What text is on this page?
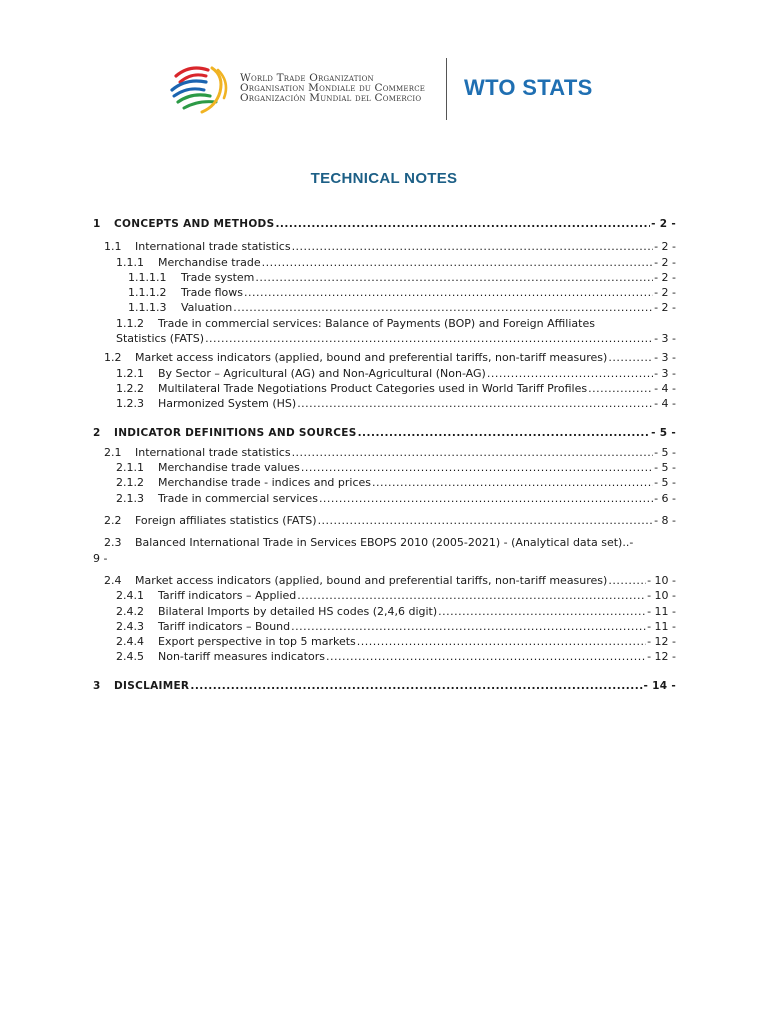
World Trade Organization
Organisation Mondiale du Commerce
Organización Mundial del Comercio WTO STATS
TECHNICAL NOTES
1	CONCEPTS AND METHODS .....	- 2 -
1.1	International trade statistics .....	- 2 -
1.1.1	Merchandise trade .....	- 2 -
1.1.1.1	Trade system .....	- 2 -
1.1.1.2	Trade flows .....	- 2 -
1.1.1.3	Valuation .....	- 2 -
1.1.2 Trade in commercial services: Balance of Payments (BOP) and Foreign Affiliates
Statistics (FATS) .....	- 3 -
1.2	Market access indicators (applied, bound and preferential tariffs, non-tariff measures) .....	- 3 -
1.2.1	By Sector – Agricultural (AG) and Non-Agricultural (Non-AG) .....	- 3 -
1.2.2	Multilateral Trade Negotiations Product Categories used in World Tariff Profiles .....	- 4 -
1.2.3	Harmonized System (HS) .....	- 4 -
2	INDICATOR DEFINITIONS AND SOURCES .....	- 5 -
2.1	International trade statistics .....	- 5 -
2.1.1	Merchandise trade values .....	- 5 -
2.1.2	Merchandise trade - indices and prices .....	- 5 -
2.1.3	Trade in commercial services .....	- 6 -
2.2	Foreign affiliates statistics (FATS) .....	- 8 -
2.3 Balanced International Trade in Services EBOPS 2010 (2005-2021) - (Analytical data set)..-
9 -
2.4	Market access indicators (applied, bound and preferential tariffs, non-tariff measures) .....	- 10 -
2.4.1	Tariff indicators – Applied .....	- 10 -
2.4.2	Bilateral Imports by detailed HS codes (2,4,6 digit) .....	- 11 -
2.4.3	Tariff indicators – Bound .....	- 11 -
2.4.4	Export perspective in top 5 markets .....	- 12 -
2.4.5	Non-tariff measures indicators .....	- 12 -
3	DISCLAIMER .....	- 14 -
